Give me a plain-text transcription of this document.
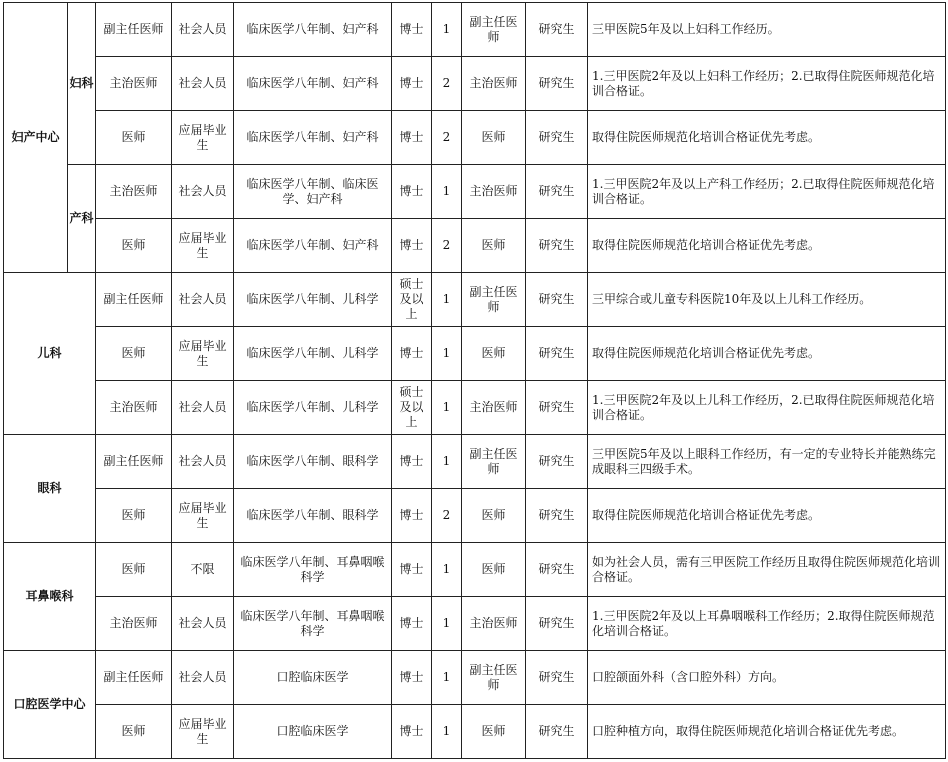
妇产中心	妇科	副主任医师	社会人员	临床医学八年制、妇产科	博士	1	副主任医师	研究生	三甲医院5年及以上妇科工作经历。
		主治医师	社会人员	临床医学八年制、妇产科	博士	2	主治医师	研究生	1.三甲医院2年及以上妇科工作经历；2.已取得住院医师规范化培训合格证。
		医师	应届毕业生	临床医学八年制、妇产科	博士	2	医师	研究生	取得住院医师规范化培训合格证优先考虑。
	产科	主治医师	社会人员	临床医学八年制、临床医学、妇产科	博士	1	主治医师	研究生	1.三甲医院2年及以上产科工作经历；2.已取得住院医师规范化培训合格证。
		医师	应届毕业生	临床医学八年制、妇产科	博士	2	医师	研究生	取得住院医师规范化培训合格证优先考虑。
儿科		副主任医师	社会人员	临床医学八年制、儿科学	硕士及以上	1	副主任医师	研究生	三甲综合或儿童专科医院10年及以上儿科工作经历。
		医师	应届毕业生	临床医学八年制、儿科学	博士	1	医师	研究生	取得住院医师规范化培训合格证优先考虑。
		主治医师	社会人员	临床医学八年制、儿科学	硕士及以上	1	主治医师	研究生	1.三甲医院2年及以上儿科工作经历，2.已取得住院医师规范化培训合格证。
眼科		副主任医师	社会人员	临床医学八年制、眼科学	博士	1	副主任医师	研究生	三甲医院5年及以上眼科工作经历，有一定的专业特长并能熟练完成眼科三四级手术。
		医师	应届毕业生	临床医学八年制、眼科学	博士	2	医师	研究生	取得住院医师规范化培训合格证优先考虑。
耳鼻喉科		医师	不限	临床医学八年制、耳鼻咽喉科学	博士	1	医师	研究生	如为社会人员，需有三甲医院工作经历且取得住院医师规范化培训合格证。
		主治医师	社会人员	临床医学八年制、耳鼻咽喉科学	博士	1	主治医师	研究生	1.三甲医院2年及以上耳鼻咽喉科工作经历；2.取得住院医师规范化培训合格证。
口腔医学中心		副主任医师	社会人员	口腔临床医学	博士	1	副主任医师	研究生	口腔颌面外科（含口腔外科）方向。
		医师	应届毕业生	口腔临床医学	博士	1	医师	研究生	口腔种植方向，取得住院医师规范化培训合格证优先考虑。
